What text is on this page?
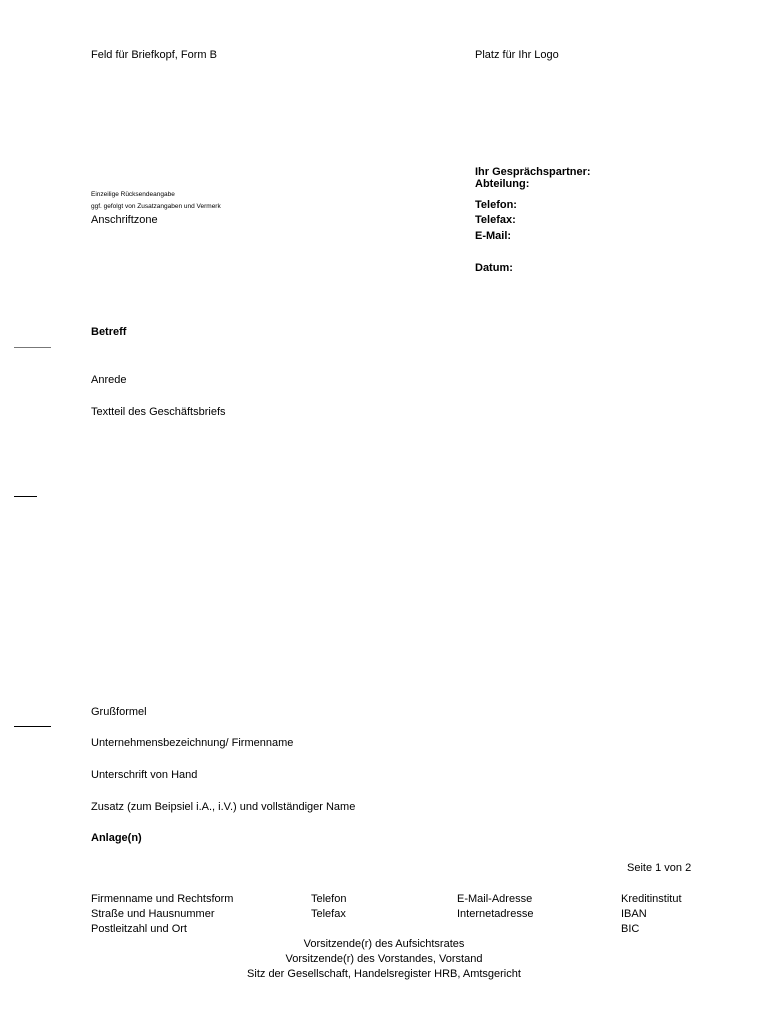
Feld für Briefkopf, Form B	Platz für Ihr Logo
Einzeilige Rücksendeangabe
ggf. gefolgt von Zusatzangaben und Vermerk
Anschriftzone
Ihr Gesprächspartner:
Abteilung:
Telefon:
Telefax:
E-Mail:
Datum:
Betreff
Anrede
Textteil des Geschäftsbriefs
Grußformel
Unternehmensbezeichnung/ Firmenname
Unterschrift von Hand
Zusatz (zum Beipsiel i.A., i.V.) und vollständiger Name
Anlage(n)
Seite 1 von 2
Firmenname und Rechtsform
Straße und Hausnummer
Postleitzahl und Ort
Telefon
Telefax
E-Mail-Adresse
Internetadresse
Kreditinstitut
IBAN
BIC
Vorsitzende(r) des Aufsichtsrates
Vorsitzende(r) des Vorstandes, Vorstand
Sitz der Gesellschaft, Handelsregister HRB, Amtsgericht
